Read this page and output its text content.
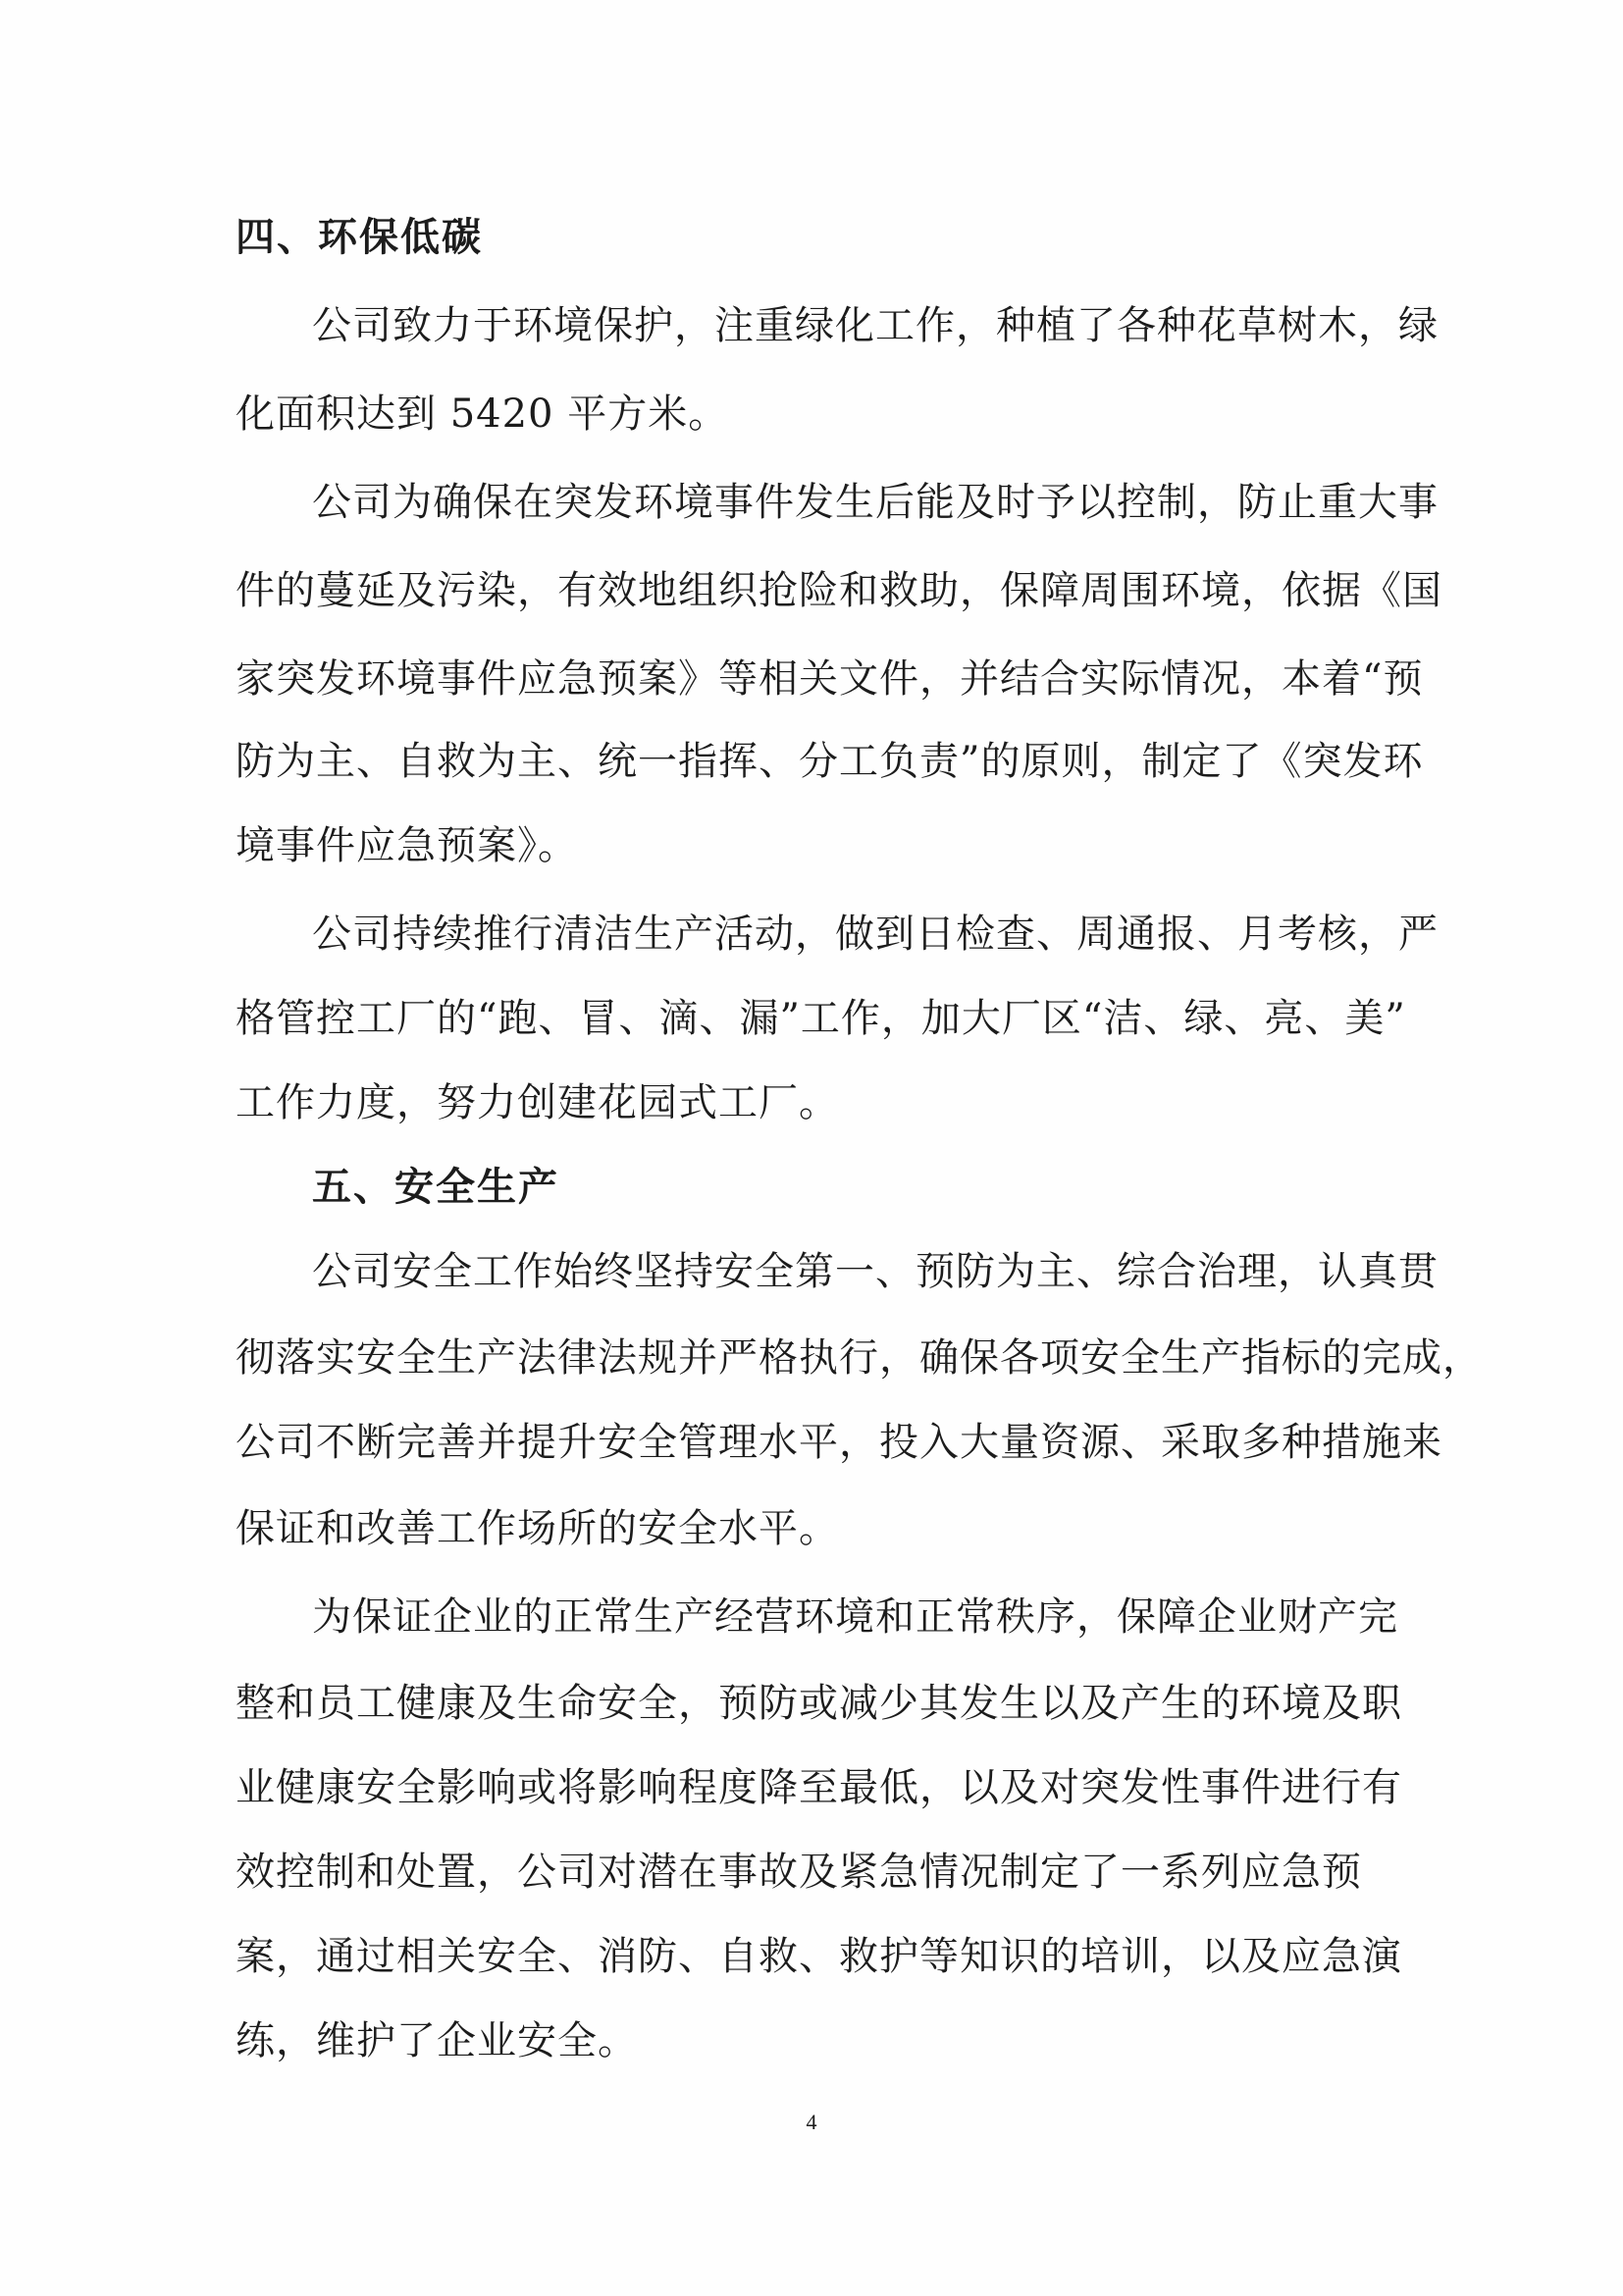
四、环保低碳
公司致力于环境保护，注重绿化工作，种植了各种花草树木，绿
化面积达到 5420 平方米。
公司为确保在突发环境事件发生后能及时予以控制，防止重大事
件的蔓延及污染，有效地组织抢险和救助，保障周围环境，依据《国
家突发环境事件应急预案》等相关文件，并结合实际情况，本着“预
防为主、自救为主、统一指挥、分工负责”的原则，制定了《突发环
境事件应急预案》。
公司持续推行清洁生产活动，做到日检查、周通报、月考核，严
格管控工厂的“跑、冒、滴、漏”工作，加大厂区“洁、绿、亮、美”
工作力度，努力创建花园式工厂。
五、安全生产
公司安全工作始终坚持安全第一、预防为主、综合治理，认真贯
彻落实安全生产法律法规并严格执行，确保各项安全生产指标的完成，
公司不断完善并提升安全管理水平，投入大量资源、采取多种措施来
保证和改善工作场所的安全水平。
为保证企业的正常生产经营环境和正常秩序，保障企业财产完
整和员工健康及生命安全，预防或减少其发生以及产生的环境及职
业健康安全影响或将影响程度降至最低，以及对突发性事件进行有
效控制和处置，公司对潜在事故及紧急情况制定了一系列应急预
案，通过相关安全、消防、自救、救护等知识的培训，以及应急演
练，维护了企业安全。
4
